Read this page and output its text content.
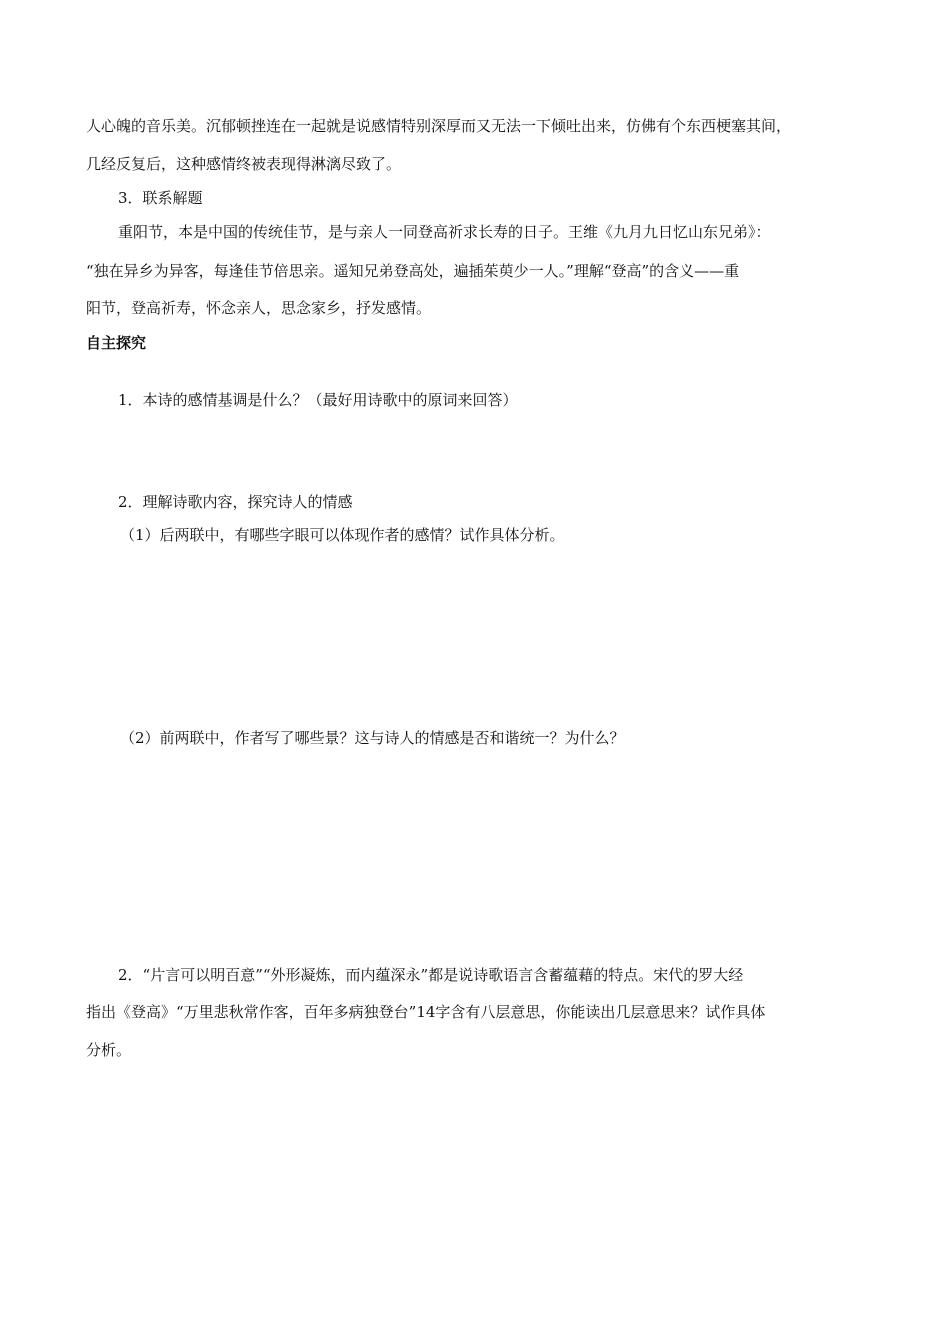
人心魄的音乐美。沉郁顿挫连在一起就是说感情特别深厚而又无法一下倾吐出来，仿佛有个东西梗塞其间，
几经反复后，这种感情终被表现得淋漓尽致了。
3．联系解题
重阳节，本是中国的传统佳节，是与亲人一同登高祈求长寿的日子。王维《九月九日忆山东兄弟》：
“独在异乡为异客，每逢佳节倍思亲。遥知兄弟登高处，遍插茱萸少一人。”理解“登高”的含义——重
阳节，登高祈寿，怀念亲人，思念家乡，抒发感情。
自主探究
1．本诗的感情基调是什么？（最好用诗歌中的原词来回答）
2．理解诗歌内容，探究诗人的情感
（1）后两联中，有哪些字眼可以体现作者的感情？试作具体分析。
（2）前两联中，作者写了哪些景？这与诗人的情感是否和谐统一？为什么？
2．“片言可以明百意”“外形凝炼，而内蕴深永”都是说诗歌语言含蓄蕴藉的特点。宋代的罗大经
指出《登高》“万里悲秋常作客，百年多病独登台”14字含有八层意思，你能读出几层意思来？试作具体
分析。
